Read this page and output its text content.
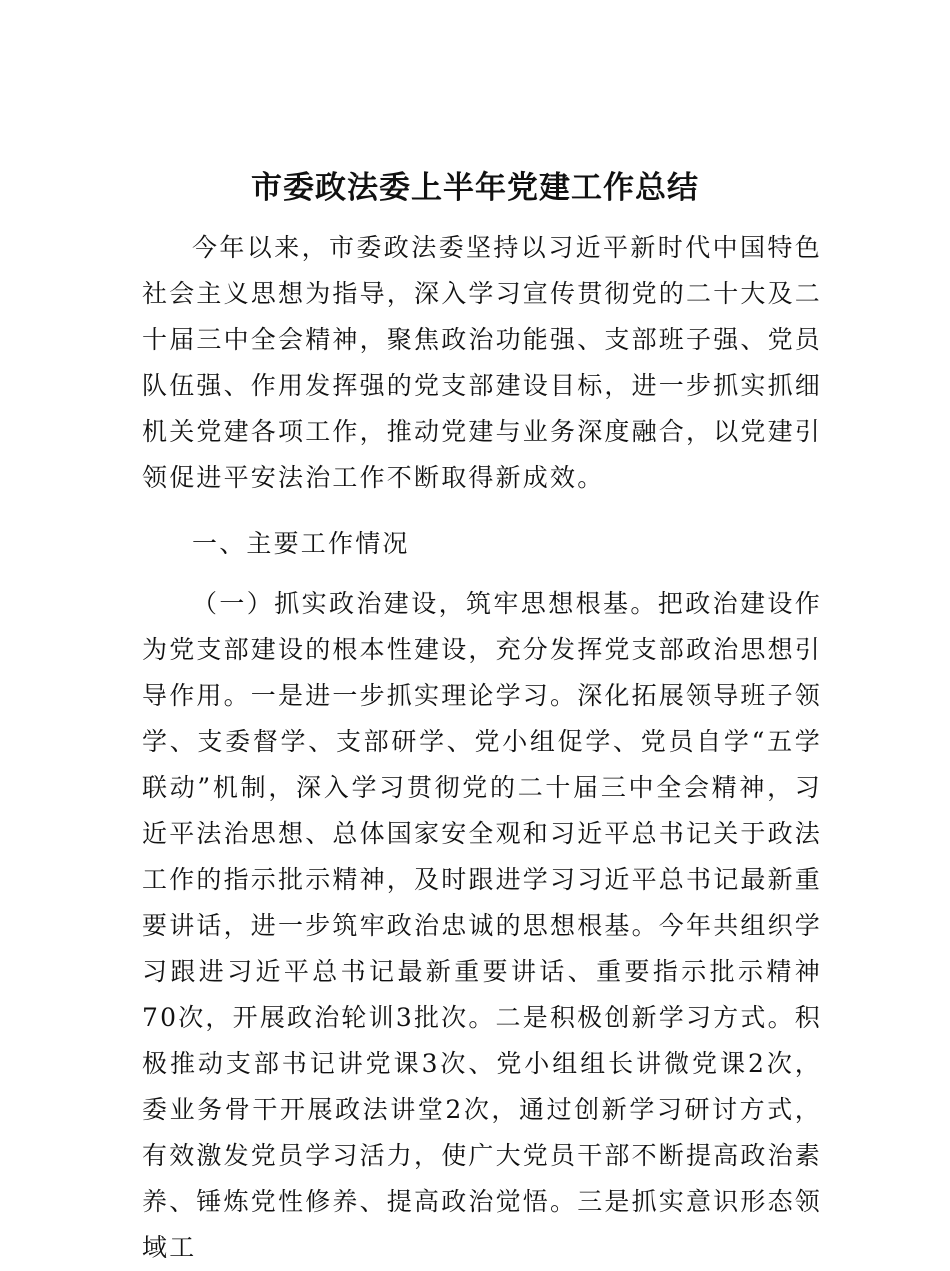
市委政法委上半年党建工作总结

今年以来，市委政法委坚持以习近平新时代中国特色社会主义思想为指导，深入学习宣传贯彻党的二十大及二十届三中全会精神，聚焦政治功能强、支部班子强、党员队伍强、作用发挥强的党支部建设目标，进一步抓实抓细机关党建各项工作，推动党建与业务深度融合，以党建引领促进平安法治工作不断取得新成效。

一、主要工作情况

（一）抓实政治建设，筑牢思想根基。把政治建设作为党支部建设的根本性建设，充分发挥党支部政治思想引导作用。一是进一步抓实理论学习。深化拓展领导班子领学、支委督学、支部研学、党小组促学、党员自学“五学联动”机制，深入学习贯彻党的二十届三中全会精神，习近平法治思想、总体国家安全观和习近平总书记关于政法工作的指示批示精神，及时跟进学习习近平总书记最新重要讲话，进一步筑牢政治忠诚的思想根基。今年共组织学习跟进习近平总书记最新重要讲话、重要指示批示精神70次，开展政治轮训3批次。二是积极创新学习方式。积极推动支部书记讲党课3次、党小组组长讲微党课2次，委业务骨干开展政法讲堂2次，通过创新学习研讨方式，有效激发党员学习活力，使广大党员干部不断提高政治素养、锤炼党性修养、提高政治觉悟。三是抓实意识形态领域工
